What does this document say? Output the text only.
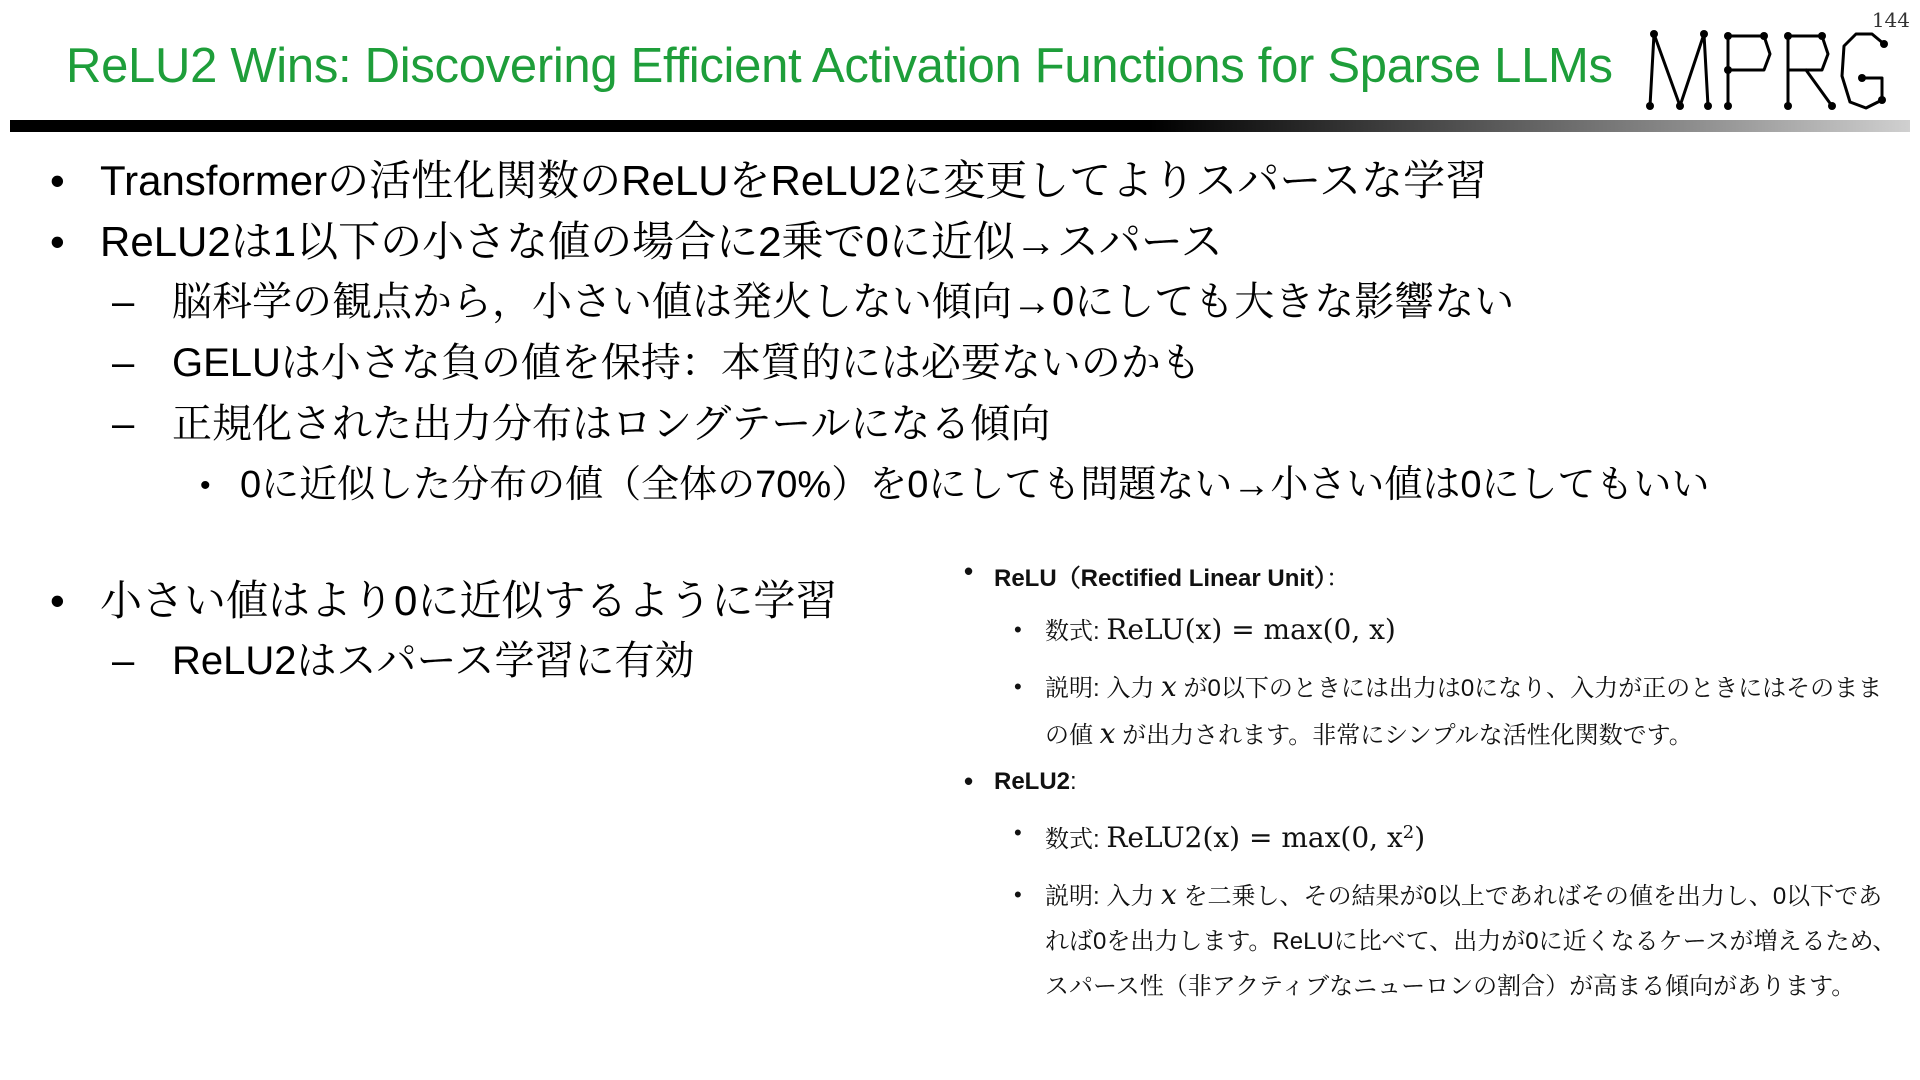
144
ReLU2 Wins: Discovering Efficient Activation Functions for Sparse LLMs
• Transformerの活性化関数のReLUをReLU2に変更してよりスパースな学習
• ReLU2は1以下の小さな値の場合に2乗で0に近似→スパース
– 脳科学の観点から，小さい値は発火しない傾向→0にしても大きな影響ない
– GELUは小さな負の値を保持：本質的には必要ないのかも
– 正規化された出力分布はロングテールになる傾向
• 0に近似した分布の値（全体の70%）を0にしても問題ない→小さい値は0にしてもいい
• 小さい値はより0に近似するように学習
– ReLU2はスパース学習に有効
• ReLU（Rectified Linear Unit）：
• 数式: ReLU(x) = max(0, x)
• 説明: 入力 x が0以下のときには出力は0になり、入力が正のときにはそのままの値 x が出力されます。非常にシンプルな活性化関数です。
• ReLU2:
• 数式: ReLU2(x) = max(0, $x^2$)
• 説明: 入力 x を二乗し、その結果が0以上であればその値を出力し、0以下であれば0を出力します。ReLUに比べて、出力が0に近くなるケースが増えるため、スパース性（非アクティブなニューロンの割合）が高まる傾向があります。
